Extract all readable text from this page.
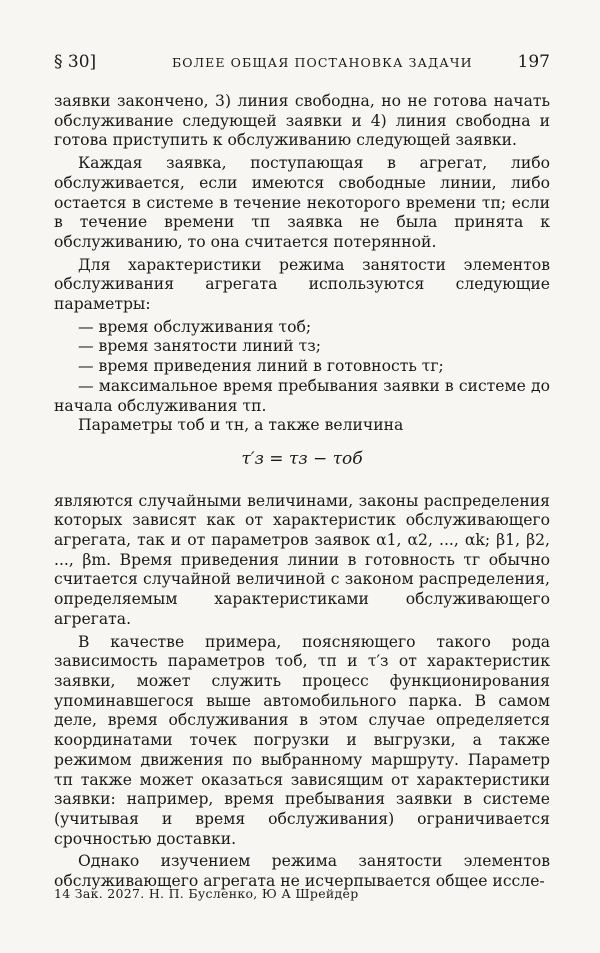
§ 30]	БОЛЕЕ ОБЩАЯ ПОСТАНОВКА ЗАДАЧИ	197

заявки закончено, 3) линия свободна, но не готова начать обслуживание следующей заявки и 4) линия свободна и готова приступить к обслуживанию следующей заявки.

Каждая заявка, поступающая в агрегат, либо обслуживается, если имеются свободные линии, либо остается в системе в течение некоторого времени τп; если в течение времени τп заявка не была принята к обслуживанию, то она считается потерянной.

Для характеристики режима занятости элементов обслуживания агрегата используются следующие параметры:

— время обслуживания τоб;

— время занятости линий τз;

— время приведения линий в готовность τг;

— максимальное время пребывания заявки в системе до начала обслуживания τп.

Параметры τоб и τн, а также величина

τ′з = τз − τоб

являются случайными величинами, законы распределения которых зависят как от характеристик обслуживающего агрегата, так и от параметров заявок α1, α2, ..., αk; β1, β2, ..., βm. Время приведения линии в готовность τг обычно считается случайной величиной с законом распределения, определяемым характеристиками обслуживающего агрегата.

В качестве примера, поясняющего такого рода зависимость параметров τоб, τп и τ′з от характеристик заявки, может служить процесс функционирования упоминавшегося выше автомобильного парка. В самом деле, время обслуживания в этом случае определяется координатами точек погрузки и выгрузки, а также режимом движения по выбранному маршруту. Параметр τп также может оказаться зависящим от характеристики заявки: например, время пребывания заявки в системе (учитывая и время обслуживания) ограничивается срочностью доставки.

Однако изучением режима занятости элементов обслуживающего агрегата не исчерпывается общее иссле-

14 Зак. 2027. Н. П. Бусленко, Ю А Шрейдер
